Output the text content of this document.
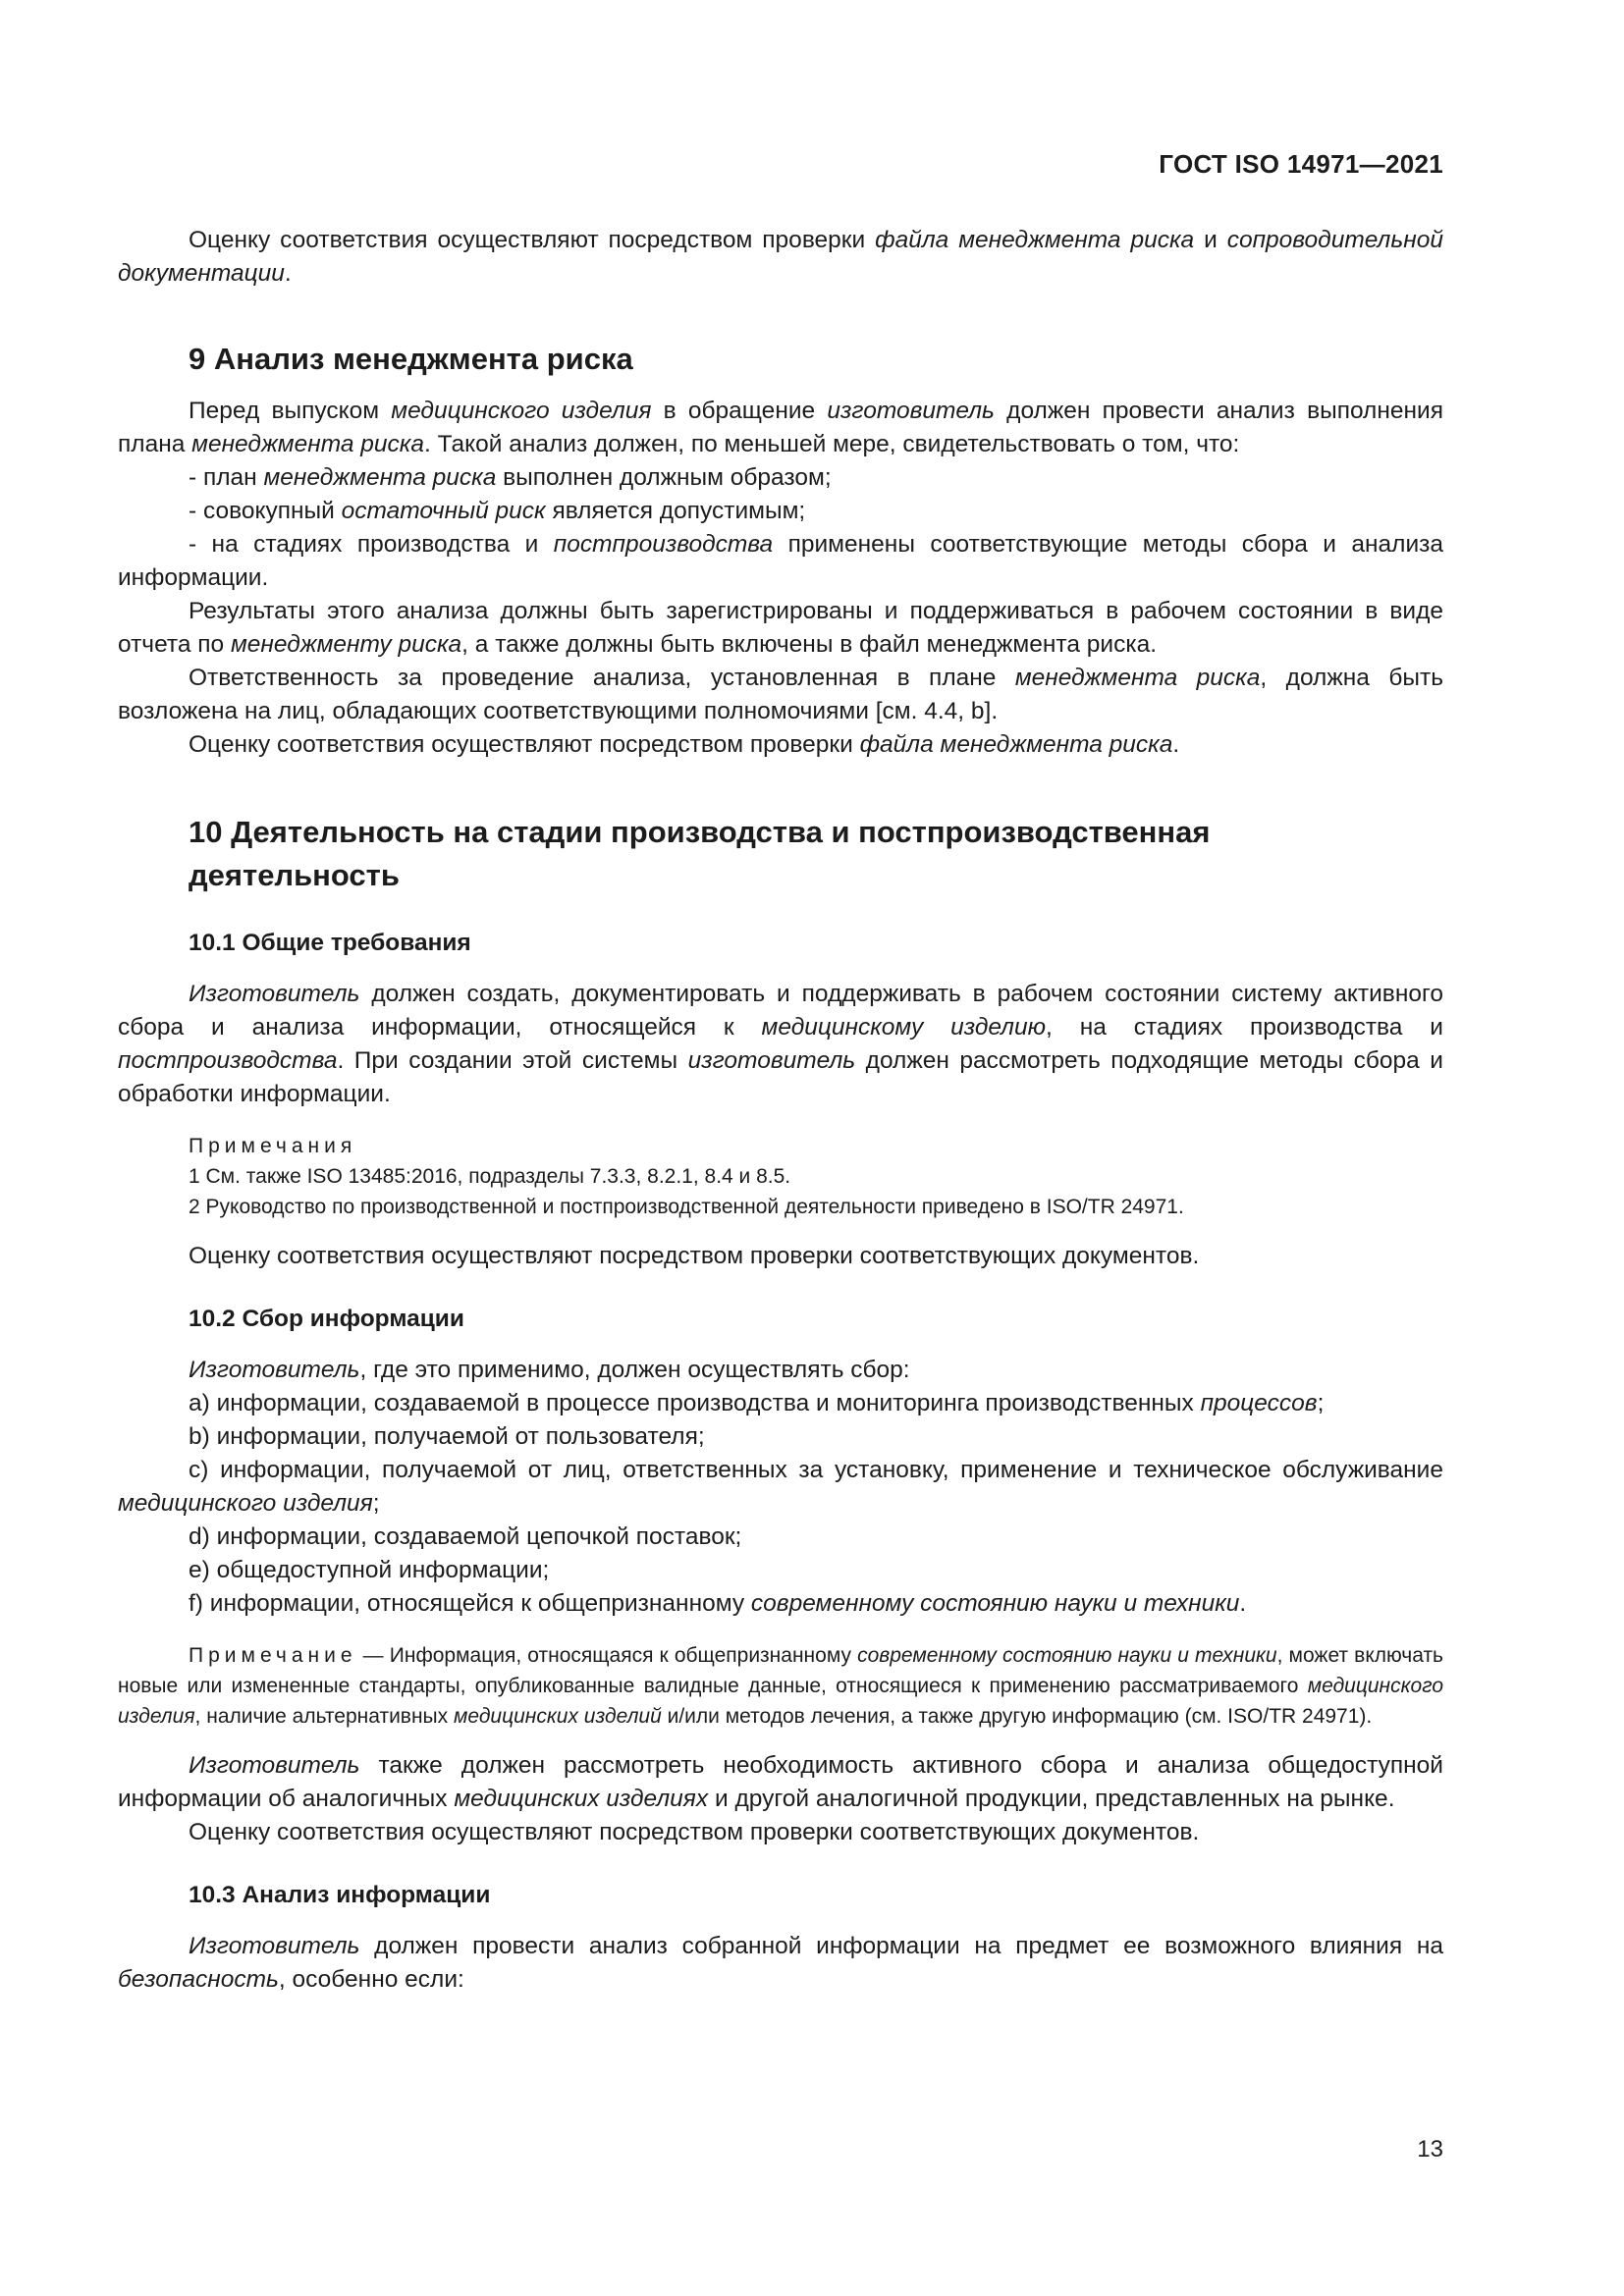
ГОСТ ISO 14971—2021

Оценку соответствия осуществляют посредством проверки файла менеджмента риска и сопроводительной документации.

9 Анализ менеджмента риска

Перед выпуском медицинского изделия в обращение изготовитель должен провести анализ выполнения плана менеджмента риска. Такой анализ должен, по меньшей мере, свидетельствовать о том, что:

- план менеджмента риска выполнен должным образом;

- совокупный остаточный риск является допустимым;

- на стадиях производства и постпроизводства применены соответствующие методы сбора и анализа информации.

Результаты этого анализа должны быть зарегистрированы и поддерживаться в рабочем состоянии в виде отчета по менеджменту риска, а также должны быть включены в файл менеджмента риска.

Ответственность за проведение анализа, установленная в плане менеджмента риска, должна быть возложена на лиц, обладающих соответствующими полномочиями [см. 4.4, b].

Оценку соответствия осуществляют посредством проверки файла менеджмента риска.

10 Деятельность на стадии производства и постпроизводственная
деятельность
10.1 Общие требования

Изготовитель должен создать, документировать и поддерживать в рабочем состоянии систему активного сбора и анализа информации, относящейся к медицинскому изделию, на стадиях производства и постпроизводства. При создании этой системы изготовитель должен рассмотреть подходящие методы сбора и обработки информации.

Примечания
1 См. также ISO 13485:2016, подразделы 7.3.3, 8.2.1, 8.4 и 8.5.
2 Руководство по производственной и постпроизводственной деятельности приведено в ISO/TR 24971.

Оценку соответствия осуществляют посредством проверки соответствующих документов.

10.2 Сбор информации

Изготовитель, где это применимо, должен осуществлять сбор:

а) информации, создаваемой в процессе производства и мониторинга производственных процессов;

b) информации, получаемой от пользователя;

c) информации, получаемой от лиц, ответственных за установку, применение и техническое обслуживание медицинского изделия;

d) информации, создаваемой цепочкой поставок;

e) общедоступной информации;

f) информации, относящейся к общепризнанному современному состоянию науки и техники.

Примечание — Информация, относящаяся к общепризнанному современному состоянию науки и техники, может включать новые или измененные стандарты, опубликованные валидные данные, относящиеся к применению рассматриваемого медицинского изделия, наличие альтернативных медицинских изделий и/или методов лечения, а также другую информацию (см. ISO/TR 24971).

Изготовитель также должен рассмотреть необходимость активного сбора и анализа общедоступной информации об аналогичных медицинских изделиях и другой аналогичной продукции, представленных на рынке.

Оценку соответствия осуществляют посредством проверки соответствующих документов.

10.3 Анализ информации

Изготовитель должен провести анализ собранной информации на предмет ее возможного влияния на безопасность, особенно если:

13
